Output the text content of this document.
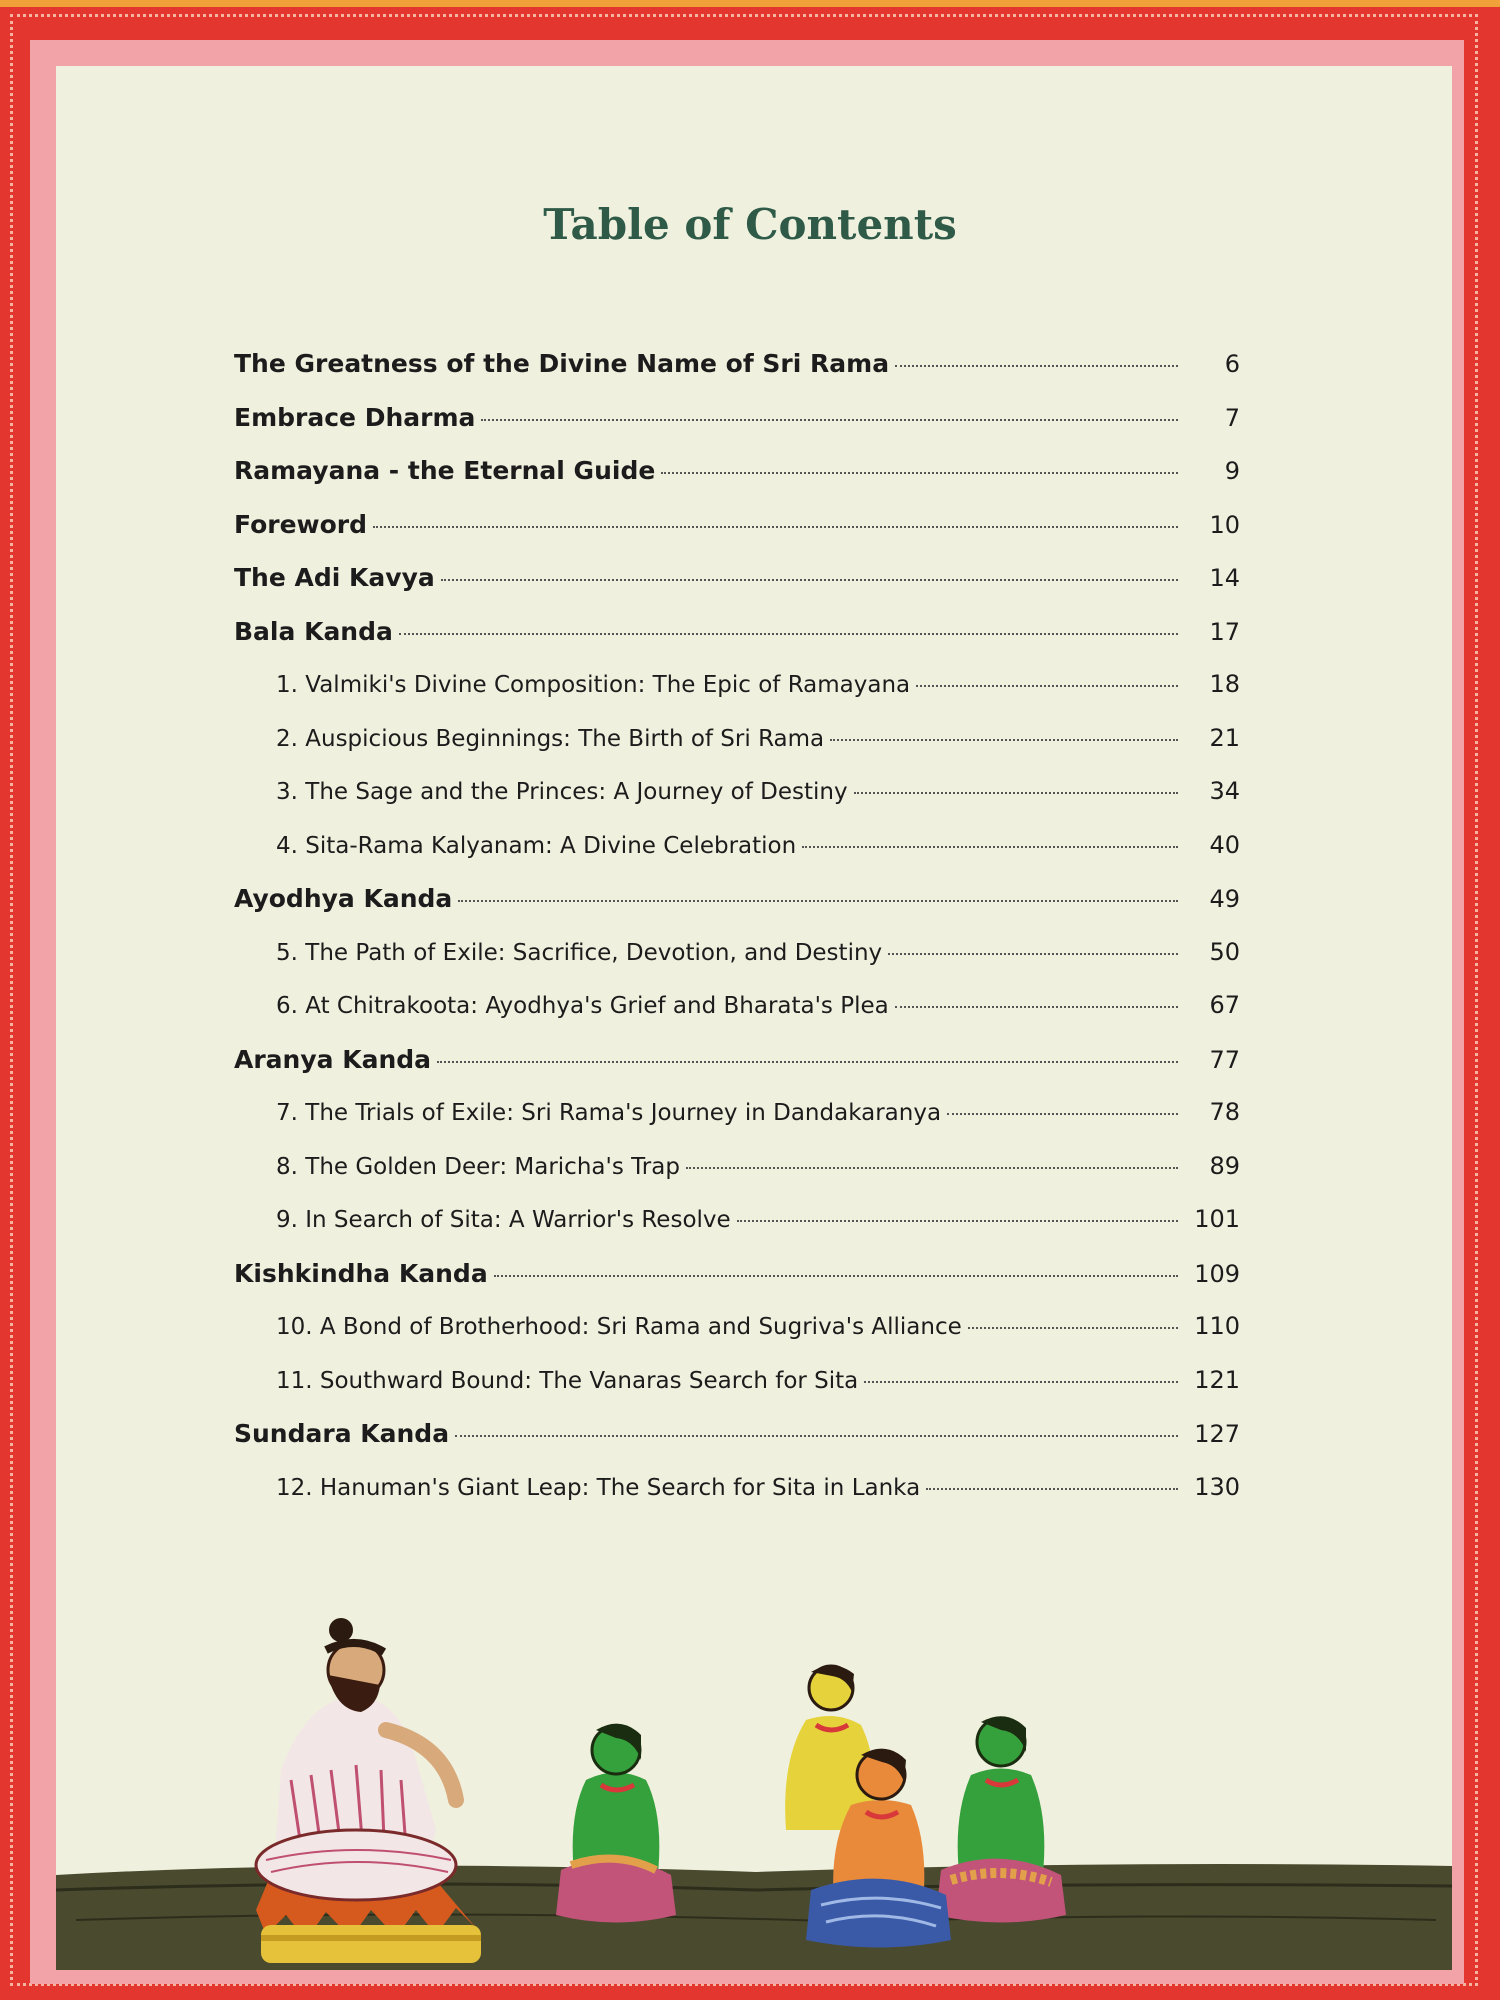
Table of Contents
The Greatness of the Divine Name of Sri Rama	6
Embrace Dharma	7
Ramayana - the Eternal Guide	9
Foreword	10
The Adi Kavya	14
Bala Kanda	17
1. Valmiki's Divine Composition: The Epic of Ramayana	18
2. Auspicious Beginnings: The Birth of Sri Rama	21
3. The Sage and the Princes: A Journey of Destiny	34
4. Sita-Rama Kalyanam: A Divine Celebration	40
Ayodhya Kanda	49
5. The Path of Exile: Sacrifice, Devotion, and Destiny	50
6. At Chitrakoota: Ayodhya's Grief and Bharata's Plea	67
Aranya Kanda	77
7. The Trials of Exile: Sri Rama's Journey in Dandakaranya	78
8. The Golden Deer: Maricha's Trap	89
9. In Search of Sita: A Warrior's Resolve	101
Kishkindha Kanda	109
10. A Bond of Brotherhood: Sri Rama and Sugriva's Alliance	110
11. Southward Bound: The Vanaras Search for Sita	121
Sundara Kanda	127
12. Hanuman's Giant Leap: The Search for Sita in Lanka	130
